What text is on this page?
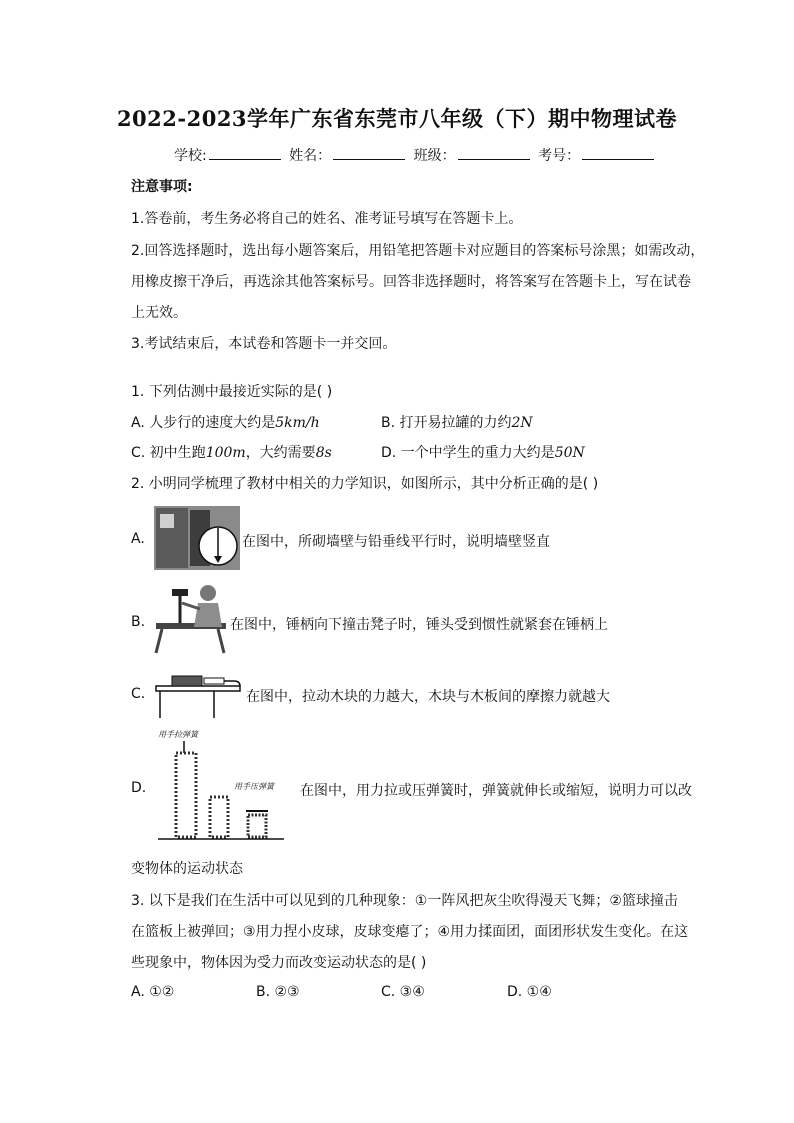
2022-2023学年广东省东莞市八年级（下）期中物理试卷
学校:	姓名：	班级：	考号：
注意事项:
1.答卷前，考生务必将自己的姓名、准考证号填写在答题卡上。
2.回答选择题时，选出每小题答案后，用铅笔把答题卡对应题目的答案标号涂黑；如需改动，
用橡皮擦干净后，再选涂其他答案标号。回答非选择题时，将答案写在答题卡上，写在试卷
上无效。
3.考试结束后，本试卷和答题卡一并交回。
1. 下列估测中最接近实际的是( )
A. 人步行的速度大约是5km/h	B. 打开易拉罐的力约2N
C. 初中生跑100m，大约需要8s	D. 一个中学生的重力大约是50N
2. 小明同学梳理了教材中相关的力学知识，如图所示，其中分析正确的是( )
A.	在图中，所砌墙壁与铅垂线平行时，说明墙壁竖直
B.	在图中，锤柄向下撞击凳子时，锤头受到惯性就紧套在锤柄上
C.	在图中，拉动木块的力越大，木块与木板间的摩擦力就越大
D.
用手拉弹簧
用手压弹簧 在图中，用力拉或压弹簧时，弹簧就伸长或缩短，说明力可以改
变物体的运动状态
3. 以下是我们在生活中可以见到的几种现象：①一阵风把灰尘吹得漫天飞舞；②篮球撞击
在篮板上被弹回；③用力捏小皮球，皮球变瘪了；④用力揉面团，面团形状发生变化。在这
些现象中，物体因为受力而改变运动状态的是( )
A. ①②	B. ②③	C. ③④	D. ①④
